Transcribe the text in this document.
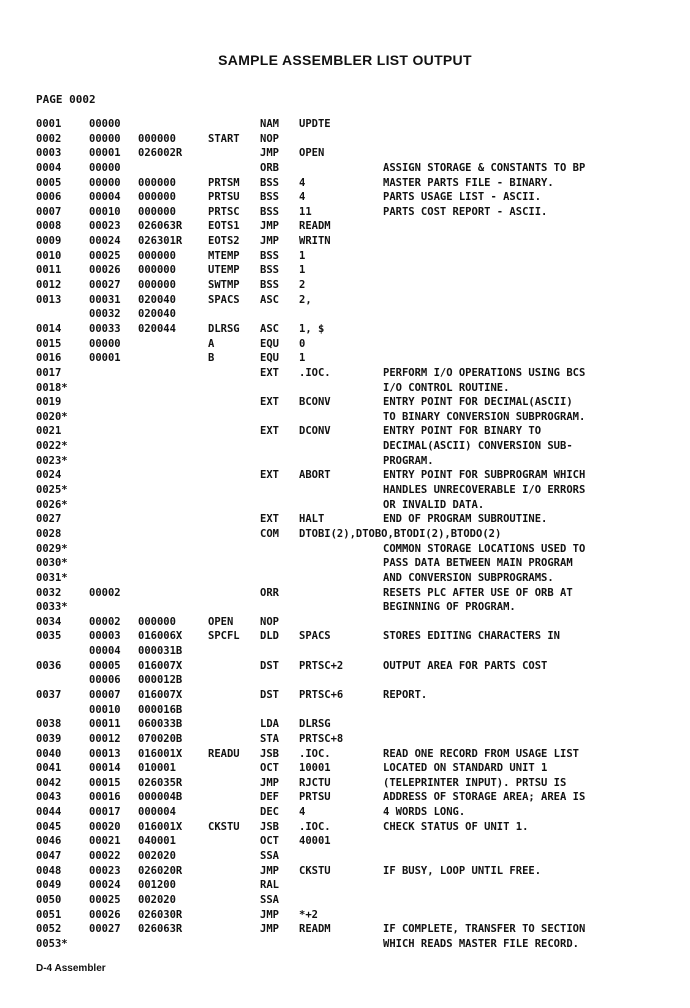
SAMPLE ASSEMBLER LIST OUTPUT
PAGE 0002
0001	00000	NAM UPDTE
0002	00000 000000	START NOP
0003	00001 026002R	JMP OPEN
0004	00000	ORB	ASSIGN STORAGE & CONSTANTS TO BP
0005	00000 000000	PRTSM BSS 4	MASTER PARTS FILE - BINARY.
0006	00004 000000	PRTSU BSS 4	PARTS USAGE LIST - ASCII.
0007	00010 000000	PRTSC BSS 11	PARTS COST REPORT - ASCII.
0008	00023 026063R EOTS1 JMP READM
0009	00024 026301R EOTS2 JMP WRITN
0010	00025 000000	MTEMP BSS 1
0011	00026 000000	UTEMP BSS 1
0012	00027 000000	SWTMP BSS 2
0013	00031 020040	SPACS ASC 2,
00032 020040
0014	00033 020044	DLRSG ASC 1, $
0015	00000	A	EQU 0
0016	00001	B	EQU 1
0017	EXT .IOC.	PERFORM I/O OPERATIONS USING BCS
0018*	I/O CONTROL ROUTINE.
0019	EXT BCONV	ENTRY POINT FOR DECIMAL(ASCII)
0020*	TO BINARY CONVERSION SUBPROGRAM.
0021	EXT DCONV	ENTRY POINT FOR BINARY TO
0022*	DECIMAL(ASCII) CONVERSION SUB-
0023*	PROGRAM.
0024	EXT ABORT	ENTRY POINT FOR SUBPROGRAM WHICH
0025*	HANDLES UNRECOVERABLE I/O ERRORS
0026*	OR INVALID DATA.
0027	EXT HALT	END OF PROGRAM SUBROUTINE.
0028	COM DTOBI(2),DTOBO,BTODI(2),BTODO(2)
0029*	COMMON STORAGE LOCATIONS USED TO
0030*	PASS DATA BETWEEN MAIN PROGRAM
0031*	AND CONVERSION SUBPROGRAMS.
0032	00002	ORR	RESETS PLC AFTER USE OF ORB AT
0033*	BEGINNING OF PROGRAM.
0034	00002 000000	OPEN	NOP
0035	00003 016006X SPCFL DLD SPACS	STORES EDITING CHARACTERS IN
00004 000031B
0036	00005 016007X	DST PRTSC+2	OUTPUT AREA FOR PARTS COST
00006 000012B
0037	00007 016007X	DST PRTSC+6	REPORT.
00010 000016B
0038	00011 060033B	LDA DLRSG
0039	00012 070020B	STA PRTSC+8
0040	00013 016001X READU JSB .IOC.	READ ONE RECORD FROM USAGE LIST
0041	00014 010001	OCT 10001	LOCATED ON STANDARD UNIT 1
0042	00015 026035R	JMP RJCTU	(TELEPRINTER INPUT). PRTSU IS
0043	00016 000004B	DEF PRTSU	ADDRESS OF STORAGE AREA; AREA IS
0044	00017 000004	DEC 4	4 WORDS LONG.
0045	00020 016001X CKSTU JSB .IOC.	CHECK STATUS OF UNIT 1.
0046	00021 040001	OCT 40001
0047	00022 002020	SSA
0048	00023 026020R	JMP CKSTU	IF BUSY, LOOP UNTIL FREE.
0049	00024 001200	RAL
0050	00025 002020	SSA
0051	00026 026030R	JMP *+2
0052	00027 026063R	JMP READM	IF COMPLETE, TRANSFER TO SECTION
0053*	WHICH READS MASTER FILE RECORD.
D-4 Assembler
